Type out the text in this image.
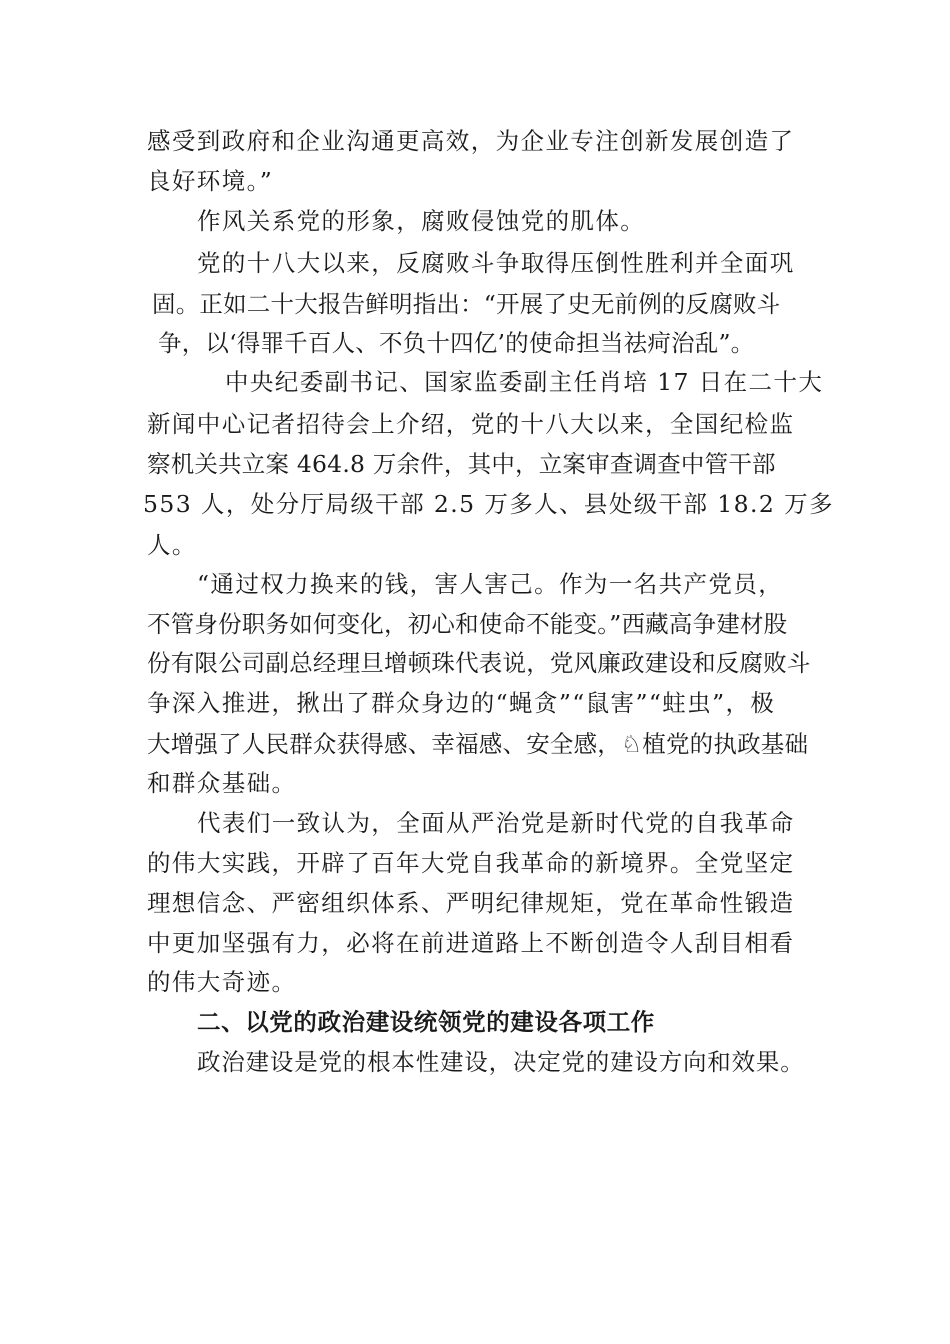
感受到政府和企业沟通更高效，为企业专注创新发展创造了
良好环境。”
作风关系党的形象，腐败侵蚀党的肌体。
党的十八大以来，反腐败斗争取得压倒性胜利并全面巩
固。正如二十大报告鲜明指出：“开展了史无前例的反腐败斗
争，以‘得罪千百人、不负十四亿’的使命担当祛疴治乱”。
中央纪委副书记、国家监委副主任肖培 17 日在二十大
新闻中心记者招待会上介绍，党的十八大以来，全国纪检监
察机关共立案 464.8 万余件，其中，立案审查调查中管干部
553 人，处分厅局级干部 2.5 万多人、县处级干部 18.2 万多
人。
“通过权力换来的钱，害人害己。作为一名共产党员，
不管身份职务如何变化，初心和使命不能变。”西藏高争建材股
份有限公司副总经理旦增顿珠代表说，党风廉政建设和反腐败斗
争深入推进，揪出了群众身边的“蝇贪”“鼠害”“蛀虫”，极
大增强了人民群众获得感、幸福感、安全感，♘植党的执政基础
和群众基础。
代表们一致认为，全面从严治党是新时代党的自我革命
的伟大实践，开辟了百年大党自我革命的新境界。全党坚定
理想信念、严密组织体系、严明纪律规矩，党在革命性锻造
中更加坚强有力，必将在前进道路上不断创造令人刮目相看
的伟大奇迹。
二、以党的政治建设统领党的建设各项工作
政治建设是党的根本性建设，决定党的建设方向和效果。
